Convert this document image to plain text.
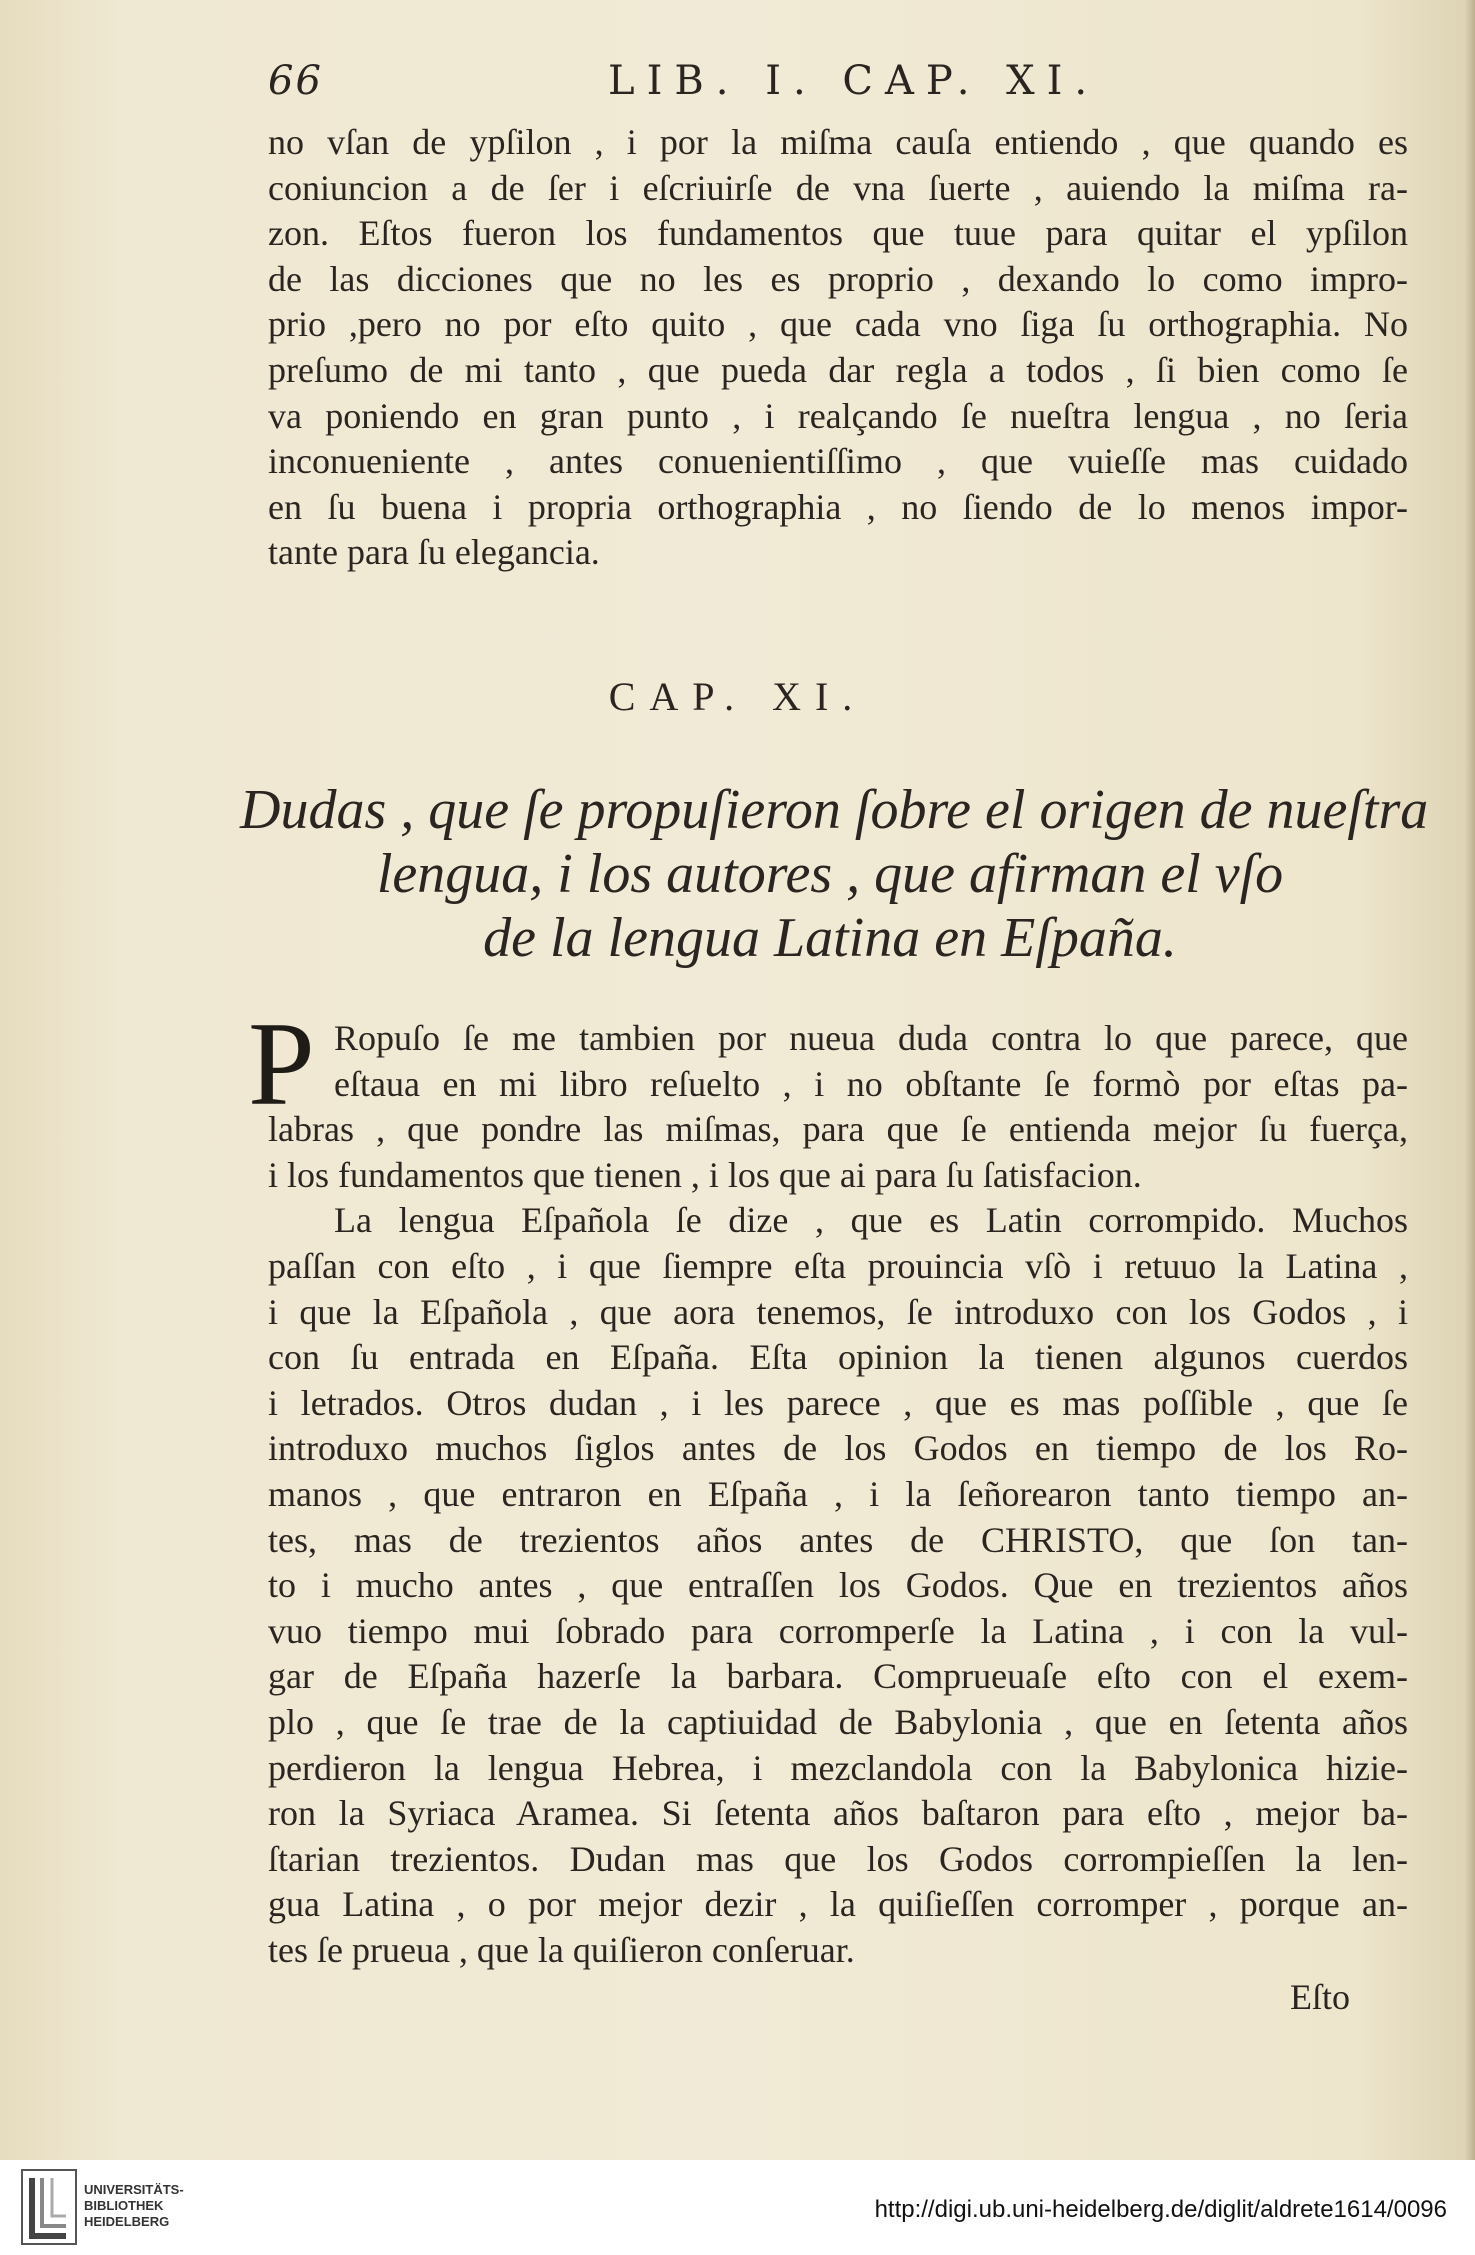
66	LIB. I. CAP. XI.
no vſan de ypſilon , i por la miſma cauſa entiendo , que quando es
coniuncion a de ſer i eſcriuirſe de vna ſuerte , auiendo la miſma ra-
zon. Eſtos fueron los fundamentos que tuue para quitar el ypſilon
de las dicciones que no les es proprio , dexando lo como impro-
prio ,pero no por eſto quito , que cada vno ſiga ſu orthographia. No
preſumo de mi tanto , que pueda dar regla a todos , ſi bien como ſe
va poniendo en gran punto , i realçando ſe nueſtra lengua , no ſeria
inconueniente , antes conuenientiſſimo , que vuieſſe mas cuidado
en ſu buena i propria orthographia , no ſiendo de lo menos impor-
tante para ſu elegancia.
CAP. XI.
Dudas , que ſe propuſieron ſobre el origen de nueſtra
lengua, i los autores , que afirman el vſo
de la lengua Latina en Eſpaña.
P Ropuſo ſe me tambien por nueua duda contra lo que parece, que
eſtaua en mi libro reſuelto , i no obſtante ſe formò por eſtas pa-
labras , que pondre las miſmas, para que ſe entienda mejor ſu fuerça,
i los fundamentos que tienen , i los que ai para ſu ſatisfacion.
La lengua Eſpañola ſe dize , que es Latin corrompido. Muchos
paſſan con eſto , i que ſiempre eſta prouincia vſò i retuuo la Latina ,
i que la Eſpañola , que aora tenemos, ſe introduxo con los Godos , i
con ſu entrada en Eſpaña. Eſta opinion la tienen algunos cuerdos
i letrados. Otros dudan , i les parece , que es mas poſſible , que ſe
introduxo muchos ſiglos antes de los Godos en tiempo de los Ro-
manos , que entraron en Eſpaña , i la ſeñorearon tanto tiempo an-
tes, mas de trezientos años antes de CHRISTO, que ſon tan-
to i mucho antes , que entraſſen los Godos. Que en trezientos años
vuo tiempo mui ſobrado para corromperſe la Latina , i con la vul-
gar de Eſpaña hazerſe la barbara. Comprueuaſe eſto con el exem-
plo , que ſe trae de la captiuidad de Babylonia , que en ſetenta años
perdieron la lengua Hebrea, i mezclandola con la Babylonica hizie-
ron la Syriaca Aramea. Si ſetenta años baſtaron para eſto , mejor ba-
ſtarian trezientos. Dudan mas que los Godos corrompieſſen la len-
gua Latina , o por mejor dezir , la quiſieſſen corromper , porque an-
tes ſe prueua , que la quiſieron conſeruar.
Eſto
UNIVERSITÄTS-
BIBLIOTHEK
HEIDELBERG	http://digi.ub.uni-heidelberg.de/diglit/aldrete1614/0096
